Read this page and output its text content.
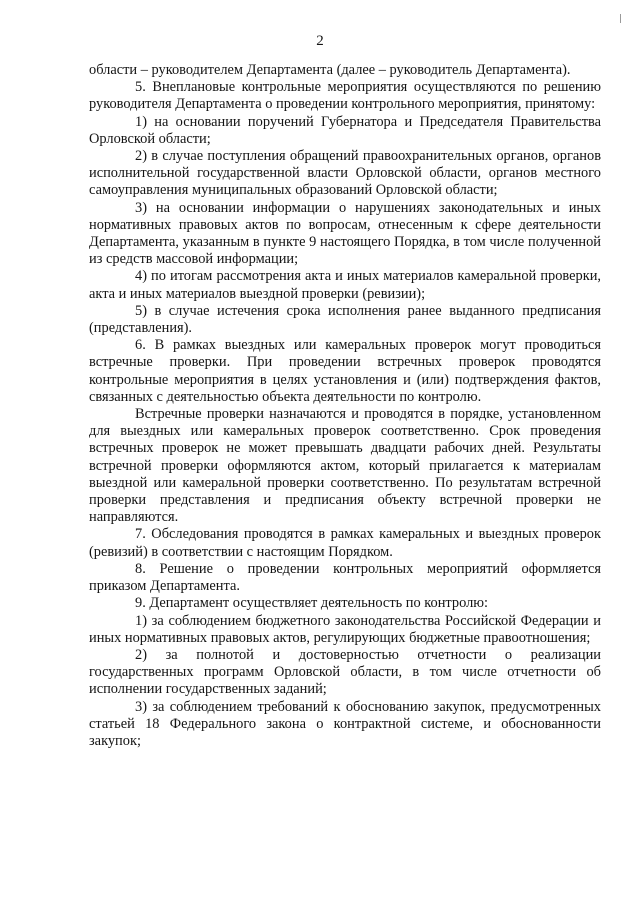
2

области – руководителем Департамента (далее – руководитель Департамента).

5. Внеплановые контрольные мероприятия осуществляются по решению руководителя Департамента о проведении контрольного мероприятия, принятому:

1) на основании поручений Губернатора и Председателя Правительства Орловской области;

2) в случае поступления обращений правоохранительных органов, органов исполнительной государственной власти Орловской области, органов местного самоуправления муниципальных образований Орловской области;

3) на основании информации о нарушениях законодательных и иных нормативных правовых актов по вопросам, отнесенным к сфере деятельности Департамента, указанным в пункте 9 настоящего Порядка, в том числе полученной из средств массовой информации;

4) по итогам рассмотрения акта и иных материалов камеральной проверки, акта и иных материалов выездной проверки (ревизии);

5) в случае истечения срока исполнения ранее выданного предписания (представления).

6. В рамках выездных или камеральных проверок могут проводиться встречные проверки. При проведении встречных проверок проводятся контрольные мероприятия в целях установления и (или) подтверждения фактов, связанных с деятельностью объекта деятельности по контролю.

Встречные проверки назначаются и проводятся в порядке, установленном для выездных или камеральных проверок соответственно. Срок проведения встречных проверок не может превышать двадцати рабочих дней. Результаты встречной проверки оформляются актом, который прилагается к материалам выездной или камеральной проверки соответственно. По результатам встречной проверки представления и предписания объекту встречной проверки не направляются.

7. Обследования проводятся в рамках камеральных и выездных проверок (ревизий) в соответствии с настоящим Порядком.

8. Решение о проведении контрольных мероприятий оформляется приказом Департамента.

9. Департамент осуществляет деятельность по контролю:

1) за соблюдением бюджетного законодательства Российской Федерации и иных нормативных правовых актов, регулирующих бюджетные правоотношения;

2) за полнотой и достоверностью отчетности о реализации государственных программ Орловской области, в том числе отчетности об исполнении государственных заданий;

3) за соблюдением требований к обоснованию закупок, предусмотренных статьей 18 Федерального закона о контрактной системе, и обоснованности закупок;
